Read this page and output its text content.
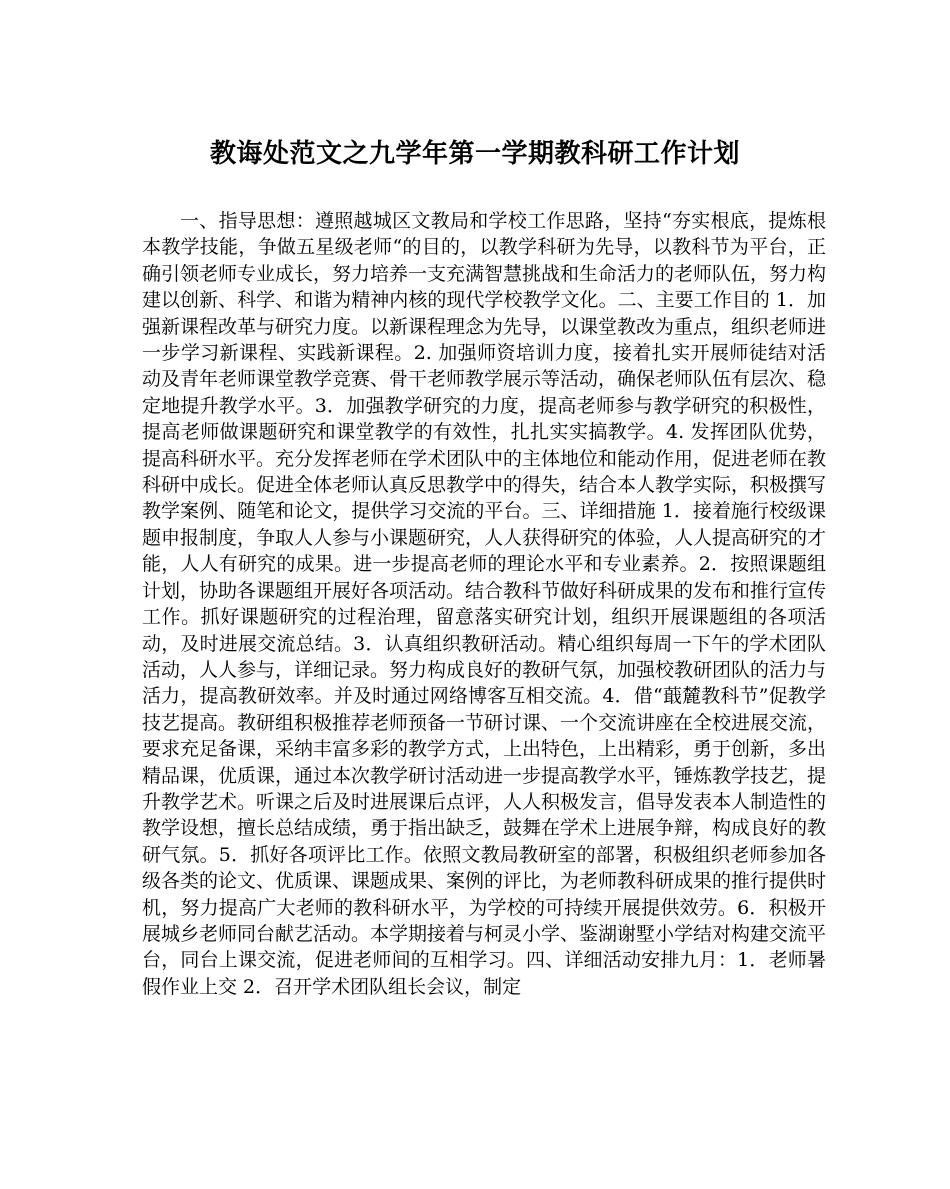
教诲处范文之九学年第一学期教科研工作计划

一、指导思想：遵照越城区文教局和学校工作思路，坚持“夯实根底，提炼根本教学技能，争做五星级老师“的目的，以教学科研为先导，以教科节为平台，正确引领老师专业成长，努力培养一支充满智慧挑战和生命活力的老师队伍，努力构建以创新、科学、和谐为精神内核的现代学校教学文化。二、主要工作目的 1．加强新课程改革与研究力度。以新课程理念为先导，以课堂教改为重点，组织老师进一步学习新课程、实践新课程。2. 加强师资培训力度，接着扎实开展师徒结对活动及青年老师课堂教学竞赛、骨干老师教学展示等活动，确保老师队伍有层次、稳定地提升教学水平。3．加强教学研究的力度，提高老师参与教学研究的积极性，提高老师做课题研究和课堂教学的有效性，扎扎实实搞教学。4. 发挥团队优势，提高科研水平。充分发挥老师在学术团队中的主体地位和能动作用，促进老师在教科研中成长。促进全体老师认真反思教学中的得失，结合本人教学实际，积极撰写教学案例、随笔和论文，提供学习交流的平台。三、详细措施 1．接着施行校级课题申报制度，争取人人参与小课题研究，人人获得研究的体验，人人提高研究的才能，人人有研究的成果。进一步提高老师的理论水平和专业素养。2．按照课题组计划，协助各课题组开展好各项活动。结合教科节做好科研成果的发布和推行宣传工作。抓好课题研究的过程治理，留意落实研究计划，组织开展课题组的各项活动，及时进展交流总结。3．认真组织教研活动。精心组织每周一下午的学术团队活动，人人参与，详细记录。努力构成良好的教研气氛，加强校教研团队的活力与活力，提高教研效率。并及时通过网络博客互相交流。4．借“蕺麓教科节”促教学技艺提高。教研组积极推荐老师预备一节研讨课、一个交流讲座在全校进展交流，要求充足备课，采纳丰富多彩的教学方式，上出特色，上出精彩，勇于创新，多出精品课，优质课，通过本次教学研讨活动进一步提高教学水平，锤炼教学技艺，提升教学艺术。听课之后及时进展课后点评，人人积极发言，倡导发表本人制造性的教学设想，擅长总结成绩，勇于指出缺乏，鼓舞在学术上进展争辩，构成良好的教研气氛。5．抓好各项评比工作。依照文教局教研室的部署，积极组织老师参加各级各类的论文、优质课、课题成果、案例的评比，为老师教科研成果的推行提供时机，努力提高广大老师的教科研水平，为学校的可持续开展提供效劳。6．积极开展城乡老师同台献艺活动。本学期接着与柯灵小学、鉴湖谢墅小学结对构建交流平台，同台上课交流，促进老师间的互相学习。四、详细活动安排九月：1．老师暑假作业上交 2．召开学术团队组长会议，制定
